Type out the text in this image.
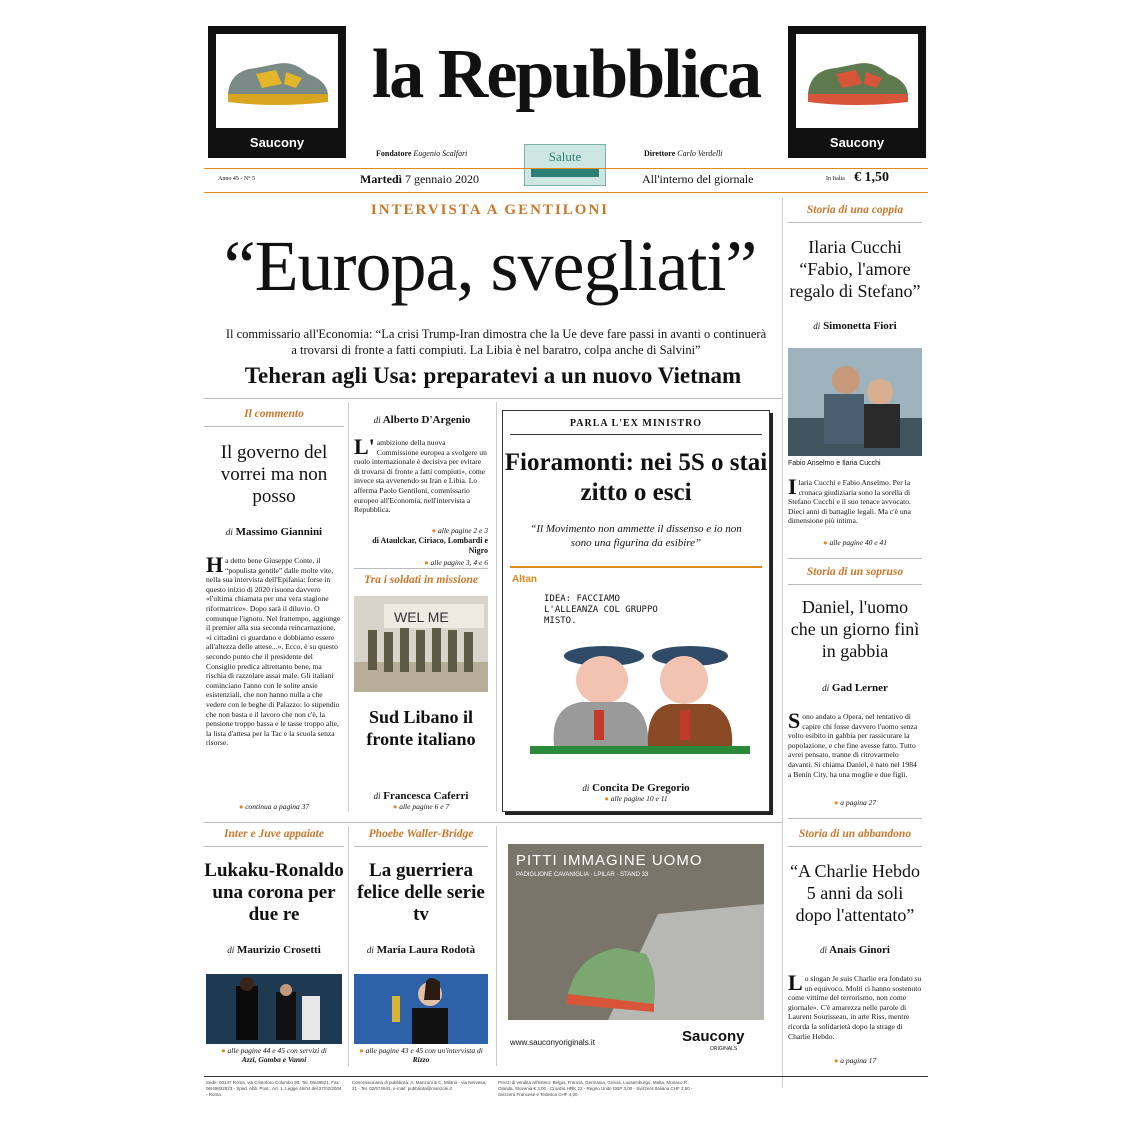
Saucony	Saucony
la Repubblica
Fondatore Eugenio Scalfari	Direttore Carlo Verdelli
Salute
Anno 45 - N° 5	Martedì 7 gennaio 2020	All'interno del giornale	In Italia € 1,50
INTERVISTA A GENTILONI
“Europa, svegliati”
Il commissario all'Economia: “La crisi Trump-Iran dimostra che la Ue deve fare passi in avanti o continuerà a trovarsi di fronte a fatti compiuti. La Libia è nel baratro, colpa anche di Salvini”
Teheran agli Usa: preparatevi a un nuovo Vietnam
Storia di una coppia
Ilaria Cucchi “Fabio, l'amore regalo di Stefano”
di Simonetta Fiori
Fabio Anselmo e Ilaria Cucchi
Ilaria Cucchi e Fabio Anselmo. Per la cronaca giudiziaria sono la sorella di Stefano Cucchi e il suo tenace avvocato. Dieci anni di battaglie legali. Ma c'è una dimensione più intima.
● alle pagine 40 e 41
Storia di un sopruso
Daniel, l'uomo che un giorno finì in gabbia
di Gad Lerner
Sono andato a Opera, nel tentativo di capire chi fosse davvero l'uomo senza volto esibito in gabbia per rassicurare la popolazione, e che fine avesse fatto. Tutto avrei pensato, tranne di ritrovarmelo davanti. Si chiama Daniel, è nato nel 1984 a Benin City, ha una moglie e due figli.
● a pagina 27
Storia di un abbandono
“A Charlie Hebdo 5 anni da soli dopo l'attentato”
di Anais Ginori
Lo slogan Je suis Charlie era fondato su un equivoco. Molti ci hanno sostenuto come vittime del terrorismo, non come giornale». C'è amarezza nelle parole di Laurent Sourisseau, in arte Riss, mentre ricorda la solidarietà dopo la strage di Charlie Hebdo.
● a pagina 17
Il commento
Il governo del vorrei ma non posso
di Massimo Giannini
Ha detto bene Giuseppe Conte, il “populista gentile” dalle molte vite, nella sua intervista dell'Epifania: forse in questo inizio di 2020 risuona davvero «l'ultima chiamata per una vera stagione riformatrice». Dopo sarà il diluvio. O comunque l'ignoto. Nel frattempo, aggiunge il premier alla sua seconda reincarnazione, «i cittadini ci guardano e dobbiamo essere all'altezza delle attese...». Ecco, è su questo secondo punto che il presidente del Consiglio predica altrettanto bene, ma rischia di razzolare assai male. Gli italiani cominciano l'anno con le solite ansie esistenziali, che non hanno nulla a che vedere con le beghe di Palazzo: lo stipendio che non basta e il lavoro che non c'è, la pensione troppo bassa e le tasse troppo alte, la lista d'attesa per la Tac e la scuola senza risorse.
● continua a pagina 37
di Alberto D'Argenio
L' ambizione della nuova Commissione europea a svolgere un ruolo internazionale è decisiva per evitare di trovarsi di fronte a fatti compiuti», come invece sta avvenendo su Iran e Libia. Lo afferma Paolo Gentiloni, commissario europeo all'Economia, nell'intervista a Repubblica.
● alle pagine 2 e 3
di Ataulckar, Ciriaco, Lombardi e Nigro
● alle pagine 3, 4 e 6
Tra i soldati in missione
WEL ME
Sud Libano il fronte italiano
di Francesca Caferri
● alle pagine 6 e 7
PARLA L'EX MINISTRO
Fioramonti: nei 5S o stai zitto o esci
“Il Movimento non ammette il dissenso e io non sono una figurina da esibire”
Altan
IDEA: FACCIAMO L'ALLEANZA COL GRUPPO MISTO.
di Concita De Gregorio
● alle pagine 10 e 11
Inter e Juve appaiate
Lukaku-Ronaldo una corona per due re
di Maurizio Crosetti
● alle pagine 44 e 45 con servizi di
Azzi, Gamba e Vanni
Phoebe Waller-Bridge
La guerriera felice delle serie tv
di Maria Laura Rodotà
● alle pagine 43 e 45 con un'intervista di Rizzo
PITTI IMMAGINE UOMO
PADIGLIONE CAVANIGLIA · LPILAR · STAND 33
www.saucony​originals.it	Saucony
ORIGINALS
Sede: 00147 Roma, via Cristoforo Colombo 90, Tel. 06/49821, Fax 06/49822923 - Sped. Abb. Post., Art. 1, Legge 46/04 del 27/02/2004 - Roma
Concessionaria di pubblicità: A. Manzoni & C. Milano - via Nervesa, 21 - Tel. 02/574941, e-mail: pubblicita@manzoni.it
Prezzi di vendita all'estero: Belgio, Francia, Germania, Grecia, Lussemburgo, Malta, Monaco P., Olanda, Slovenia € 3,00 - Croazia HRK 22 - Regno Unito GBP 3,00 - Svizzera Italiana CHF 3,50 - Svizzera Francese e Tedesca CHF 4,00
